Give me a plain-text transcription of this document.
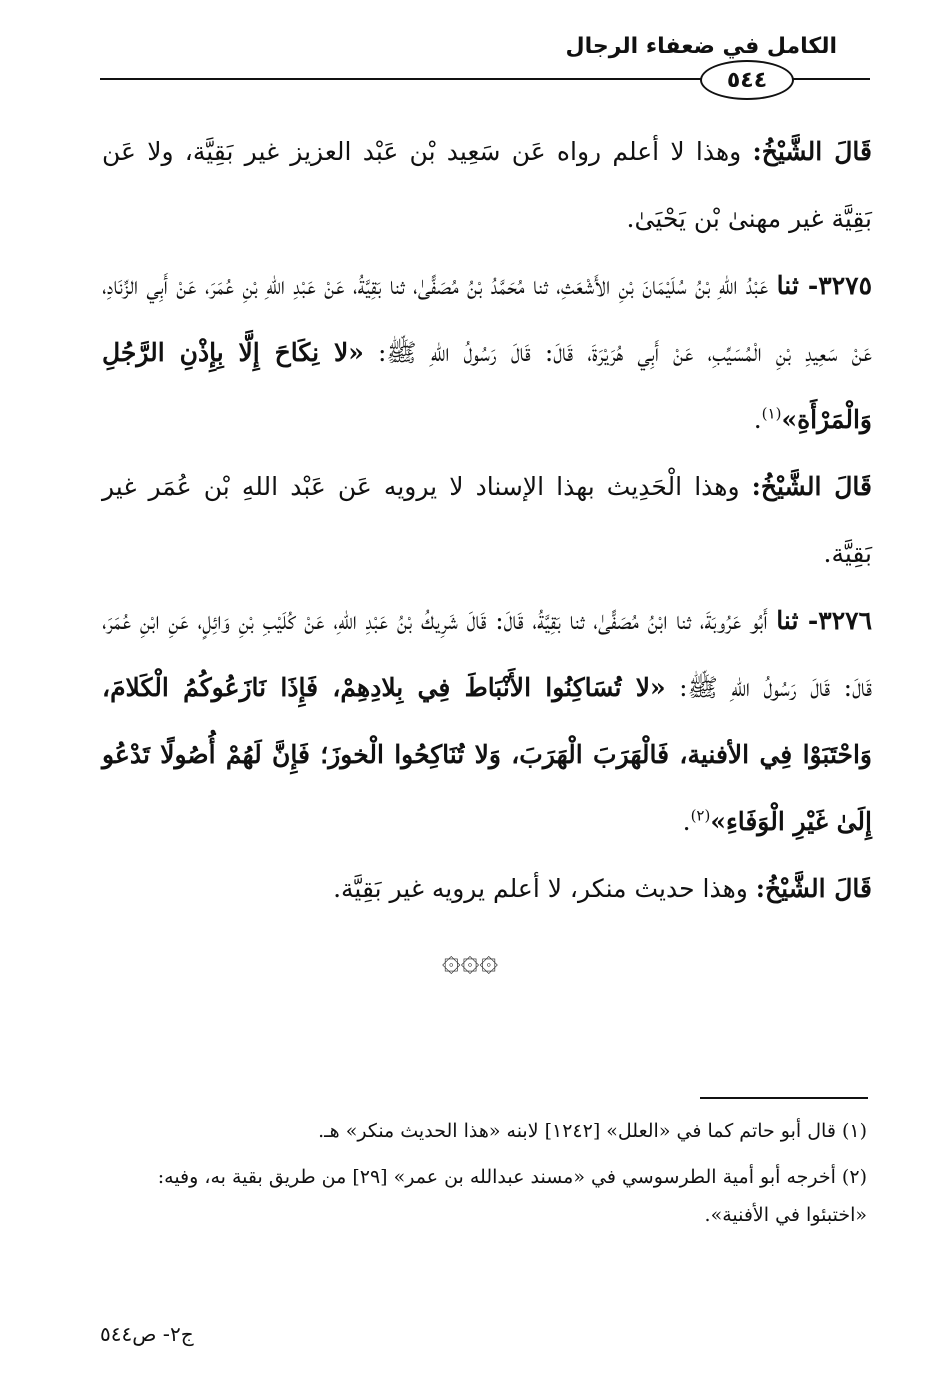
الكامل في ضعفاء الرجال
٥٤٤

قَالَ الشَّيْخُ: وهذا لا أعلم رواه عَن سَعِيد بْن عَبْد العزيز غير بَقِيَّة، ولا عَن بَقِيَّة غير مهنىٰ بْن يَحْيَىٰ.

٣٢٧٥- ثنا عَبْدُ اللهِ بْنُ سُلَيْمَانَ بْنِ الأَشْعَثِ، ثنا مُحَمَّدُ بْنُ مُصَفًّىٰ، ثنا بَقِيَّةُ، عَنْ عَبْدِ اللهِ بْنِ عُمَرَ، عَنْ أَبِي الزِّنَادِ، عَنْ سَعِيدِ بْنِ الْمُسَيِّبِ، عَنْ أَبِي هُرَيْرَةَ، قَالَ: قَالَ رَسُولُ اللهِ ﷺ: «لا نِكَاحَ إِلَّا بِإِذْنِ الرَّجُلِ وَالْمَرْأَةِ»$^{(١)}$.

قَالَ الشَّيْخُ: وهذا الْحَدِيث بهذا الإسناد لا يرويه عَن عَبْد اللهِ بْن عُمَر غير بَقِيَّة.

٣٢٧٦- ثنا أَبُو عَرُوبَةَ، ثنا ابْنُ مُصَفًّىٰ، ثنا بَقِيَّةُ، قَالَ: قَالَ شَرِيكُ بْنُ عَبْدِ اللهِ، عَنْ كُلَيْبِ بْنِ وَائِلٍ، عَنِ ابْنِ عُمَرَ، قَالَ: قَالَ رَسُولُ اللهِ ﷺ: «لا تُسَاكِنُوا الأَنْبَاطَ فِي بِلادِهِمْ، فَإِذَا نَازَعُوكُمُ الْكَلامَ، وَاحْتَبَوْا فِي الأفنية، فَالْهَرَبَ الْهَرَبَ، وَلا تُنَاكِحُوا الْخوزَ؛ فَإِنَّ لَهُمْ أُصُولًا تَدْعُو إِلَىٰ غَيْرِ الْوَفَاءِ»$^{(٢)}$.

قَالَ الشَّيْخُ: وهذا حديث منكر، لا أعلم يرويه غير بَقِيَّة.

۞۞۞

(١) قال أبو حاتم كما في «العلل» [١٢٤٢] لابنه «هذا الحديث منكر» هـ.

(٢) أخرجه أبو أمية الطرسوسي في «مسند عبدالله بن عمر» [٢٩] من طريق بقية به، وفيه: «اختبئوا في الأفنية».

ج٢- ص٥٤٤
